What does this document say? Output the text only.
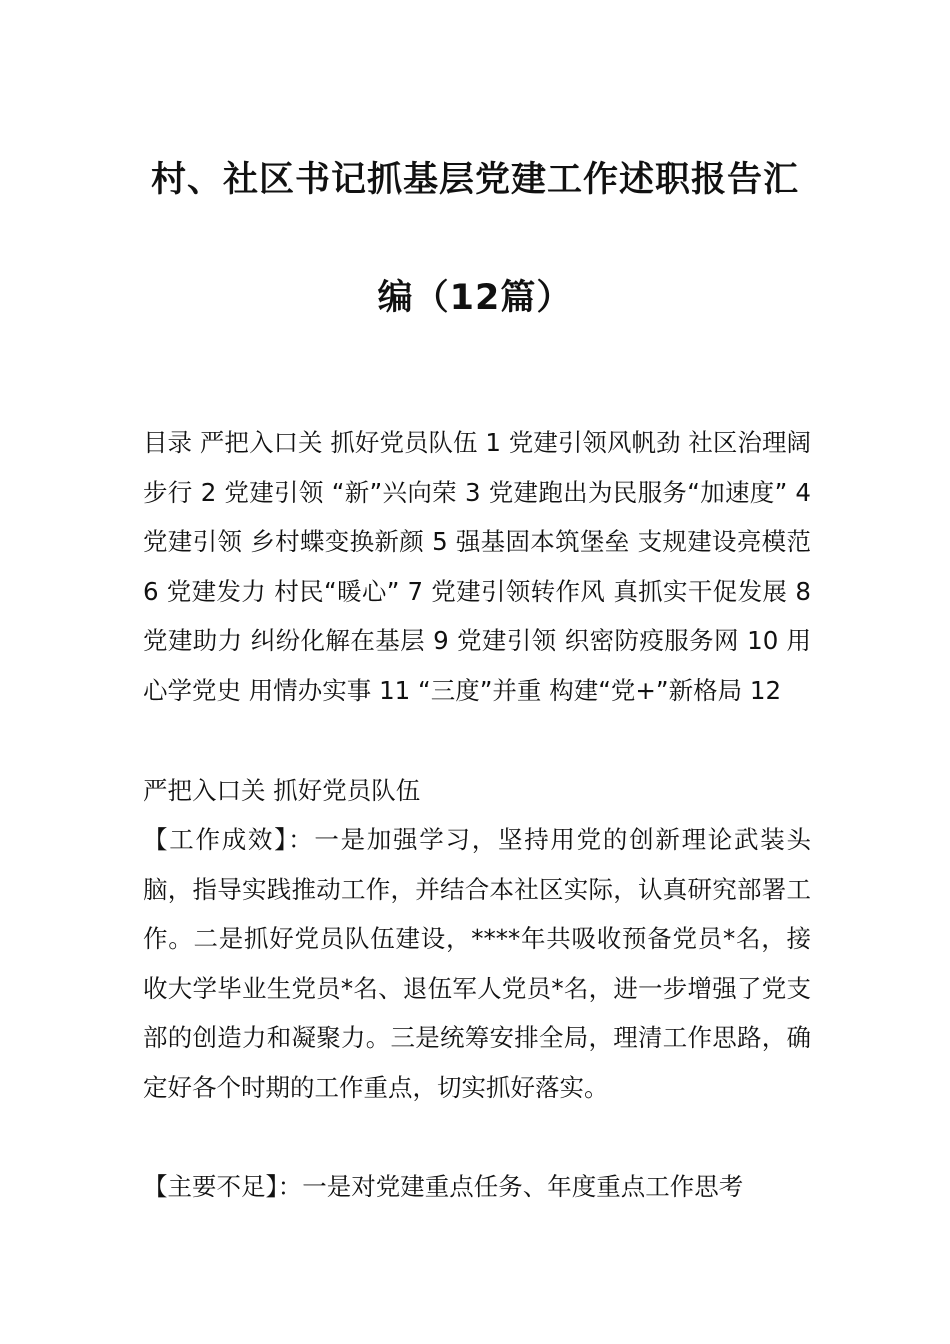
村、社区书记抓基层党建工作述职报告汇
编（12篇）

目录 严把入口关 抓好党员队伍 1 党建引领风帆劲 社区治理阔步行 2 党建引领 “新”兴向荣 3 党建跑出为民服务“加速度” 4 党建引领 乡村蝶变换新颜 5 强基固本筑堡垒 支规建设亮模范 6 党建发力 村民“暖心” 7 党建引领转作风 真抓实干促发展 8 党建助力 纠纷化解在基层 9 党建引领 织密防疫服务网 10 用心学党史 用情办实事 11 “三度”并重 构建“党+”新格局 12

严把入口关 抓好党员队伍

【工作成效】：一是加强学习，坚持用党的创新理论武装头脑，指导实践推动工作，并结合本社区实际，认真研究部署工作。二是抓好党员队伍建设，****年共吸收预备党员*名，接收大学毕业生党员*名、退伍军人党员*名，进一步增强了党支部的创造力和凝聚力。三是统筹安排全局，理清工作思路，确定好各个时期的工作重点，切实抓好落实。

【主要不足】：一是对党建重点任务、年度重点工作思考
